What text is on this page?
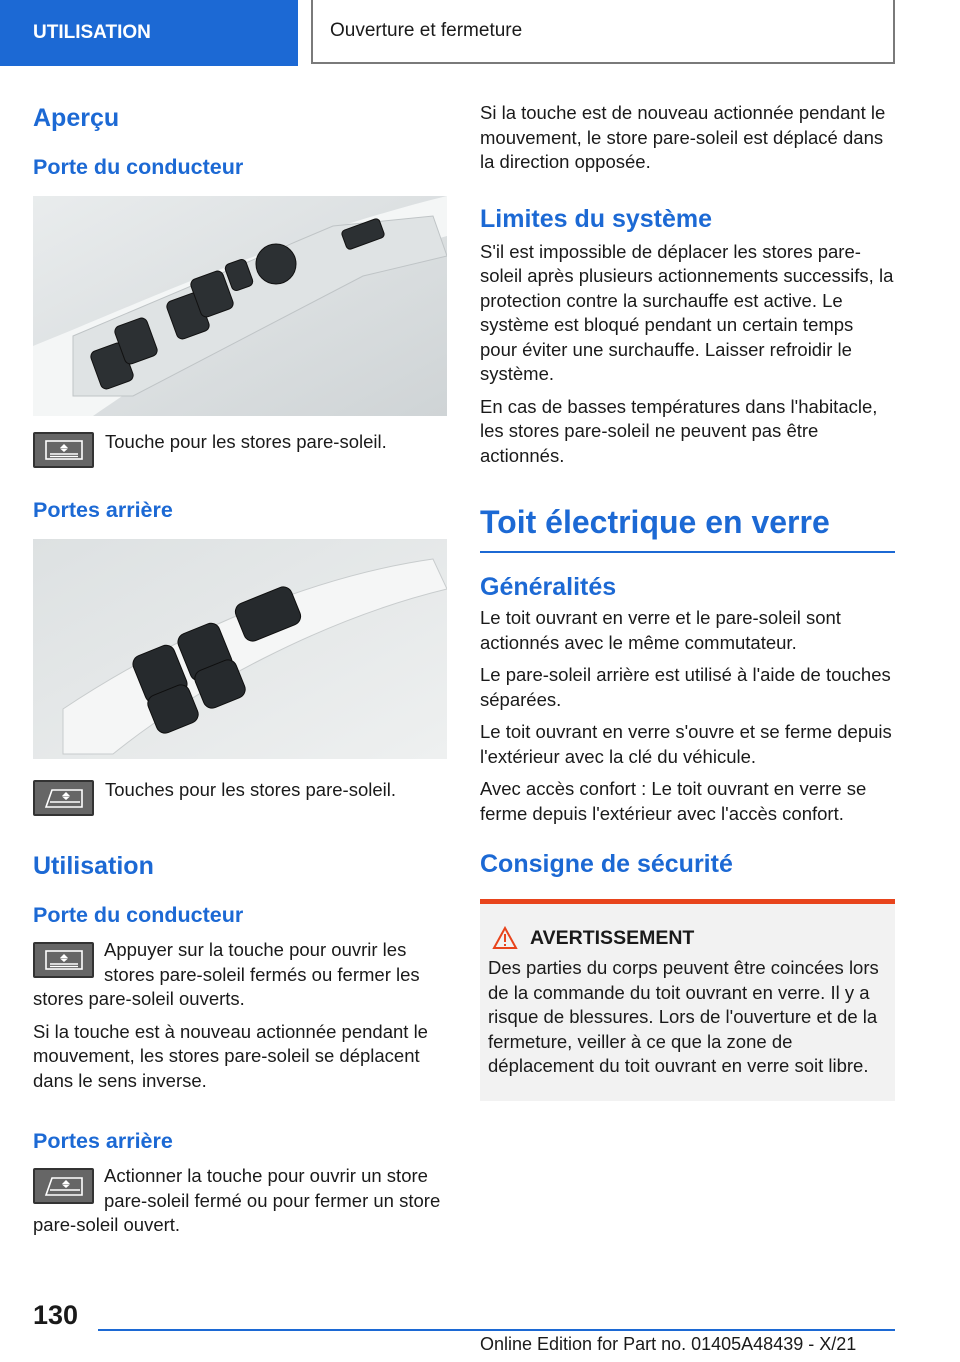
UTILISATION	Ouverture et fermeture
Aperçu
Porte du conducteur

Touche pour les stores pare-soleil.

Portes arrière

Touches pour les stores pare-soleil.

Utilisation
Porte du conducteur

Appuyer sur la touche pour ouvrir les stores pare-soleil fermés ou fermer les stores pare-soleil ouverts.

Si la touche est à nouveau actionnée pendant le mouvement, les stores pare-soleil se déplacent dans le sens inverse.

Portes arrière

Actionner la touche pour ouvrir un store pare-soleil fermé ou pour fermer un store pare-soleil ouvert.

Si la touche est de nouveau actionnée pendant le mouvement, le store pare-soleil est déplacé dans la direction opposée.

Limites du système

S'il est impossible de déplacer les stores pare-soleil après plusieurs actionnements successifs, la protection contre la surchauffe est active. Le système est bloqué pendant un certain temps pour éviter une surchauffe. Laisser refroidir le système.

En cas de basses températures dans l'habitacle, les stores pare-soleil ne peuvent pas être actionnés.

Toit électrique en verre
Généralités

Le toit ouvrant en verre et le pare-soleil sont actionnés avec le même commutateur.

Le pare-soleil arrière est utilisé à l'aide de touches séparées.

Le toit ouvrant en verre s'ouvre et se ferme depuis l'extérieur avec la clé du véhicule.

Avec accès confort : Le toit ouvrant en verre se ferme depuis l'extérieur avec l'accès confort.

Consigne de sécurité
AVERTISSEMENT

Des parties du corps peuvent être coincées lors de la commande du toit ouvrant en verre. Il y a risque de blessures. Lors de l'ouverture et de la fermeture, veiller à ce que la zone de déplacement du toit ouvrant en verre soit libre.

130
Online Edition for Part no. 01405A48439 - X/21
